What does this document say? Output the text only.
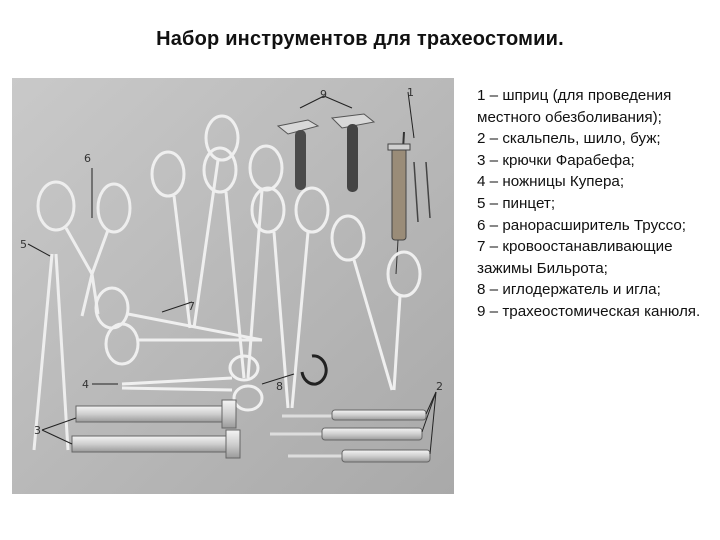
Набор инструментов для трахеостомии.
1
2
3
4
5
6
7
8
9	1 – шприц (для проведения местного обезболивания);
2 – скальпель, шило, буж;
3 – крючки Фарабефа;
4 – ножницы Купера;
5 – пинцет;
6 – ранорасширитель Труссо;
7 – кровоостанавливающие зажимы Бильрота;
8 – иглодержатель и игла;
9 – трахеостомическая канюля.
